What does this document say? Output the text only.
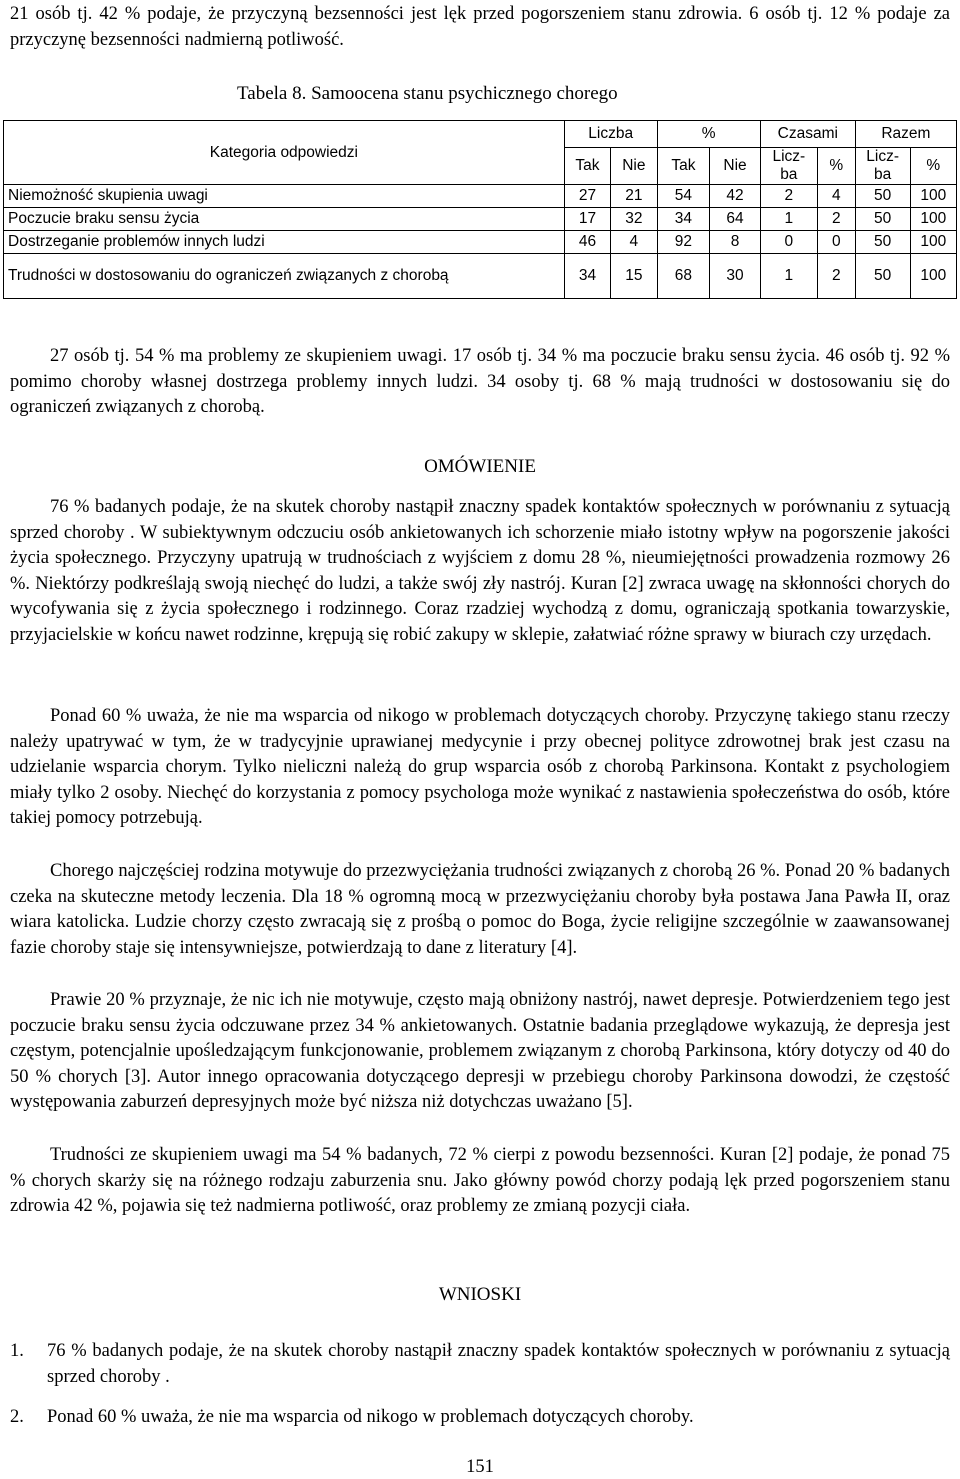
21 osób tj. 42 % podaje, że przyczyną bezsenności jest lęk przed pogorszeniem stanu zdrowia. 6 osób tj. 12 % podaje za przyczynę bezsenności nadmierną potliwość.

Tabela 8. Samoocena stanu psychicznego chorego
Kategoria odpowiedzi	Liczba		%		Czasami		Razem	
	Tak	Nie	Tak	Nie	Licz-ba	%	Licz-ba	%
Niemożność skupienia uwagi	27	21	54	42	2	4	50	100
Poczucie braku sensu życia	17	32	34	64	1	2	50	100
Dostrzeganie problemów innych ludzi	46	4	92	8	0	0	50	100
Trudności w dostosowaniu do ograniczeń związanych z chorobą	34	15	68	30	1	2	50	100

27 osób tj. 54 % ma problemy ze skupieniem uwagi. 17 osób tj. 34 % ma poczucie braku sensu życia. 46 osób tj. 92 % pomimo choroby własnej dostrzega problemy innych ludzi. 34 osoby tj. 68 % mają trudności w dostosowaniu się do ograniczeń związanych z chorobą.

OMÓWIENIE

76 % badanych podaje, że na skutek choroby nastąpił znaczny spadek kontaktów społecznych w porównaniu z sytuacją sprzed choroby . W subiektywnym odczuciu osób ankietowanych ich schorzenie miało istotny wpływ na pogorszenie jakości życia społecznego. Przyczyny upatrują w trudnościach z wyjściem z domu 28 %, nieumiejętności prowadzenia rozmowy 26 %. Niektórzy podkreślają swoją niechęć do ludzi, a także swój zły nastrój. Kuran [2] zwraca uwagę na skłonności chorych do wycofywania się z życia społecznego i rodzinnego. Coraz rzadziej wychodzą z domu, ograniczają spotkania towarzyskie, przyjacielskie w końcu nawet rodzinne, krępują się robić zakupy w sklepie, załatwiać różne sprawy w biurach czy urzędach.

Ponad 60 % uważa, że nie ma wsparcia od nikogo w problemach dotyczących choroby. Przyczynę takiego stanu rzeczy należy upatrywać w tym, że w tradycyjnie uprawianej medycynie i przy obecnej polityce zdrowotnej brak jest czasu na udzielanie wsparcia chorym. Tylko nieliczni należą do grup wsparcia osób z chorobą Parkinsona. Kontakt z psychologiem miały tylko 2 osoby. Niechęć do korzystania z pomocy psychologa może wynikać z nastawienia społeczeństwa do osób, które takiej pomocy potrzebują.

Chorego najczęściej rodzina motywuje do przezwyciężania trudności związanych z chorobą 26 %. Ponad 20 % badanych czeka na skuteczne metody leczenia. Dla 18 % ogromną mocą w przezwyciężaniu choroby była postawa Jana Pawła II, oraz wiara katolicka. Ludzie chorzy często zwracają się z prośbą o pomoc do Boga, życie religijne szczególnie w zaawansowanej fazie choroby staje się intensywniejsze, potwierdzają to dane z literatury [4].

Prawie 20 % przyznaje, że nic ich nie motywuje, często mają obniżony nastrój, nawet depresje. Potwierdzeniem tego jest poczucie braku sensu życia odczuwane przez 34 % ankietowanych. Ostatnie badania przeglądowe wykazują, że depresja jest częstym, potencjalnie upośledzającym funkcjonowanie, problemem związanym z chorobą Parkinsona, który dotyczy od 40 do 50 % chorych [3]. Autor innego opracowania dotyczącego depresji w przebiegu choroby Parkinsona dowodzi, że częstość występowania zaburzeń depresyjnych może być niższa niż dotychczas uważano [5].

Trudności ze skupieniem uwagi ma 54 % badanych, 72 % cierpi z powodu bezsenności. Kuran [2] podaje, że ponad 75 % chorych skarży się na różnego rodzaju zaburzenia snu. Jako główny powód chorzy podają lęk przed pogorszeniem stanu zdrowia 42 %, pojawia się też nadmierna potliwość, oraz problemy ze zmianą pozycji ciała.

WNIOSKI
1.	76 % badanych podaje, że na skutek choroby nastąpił znaczny spadek kontaktów społecznych w porównaniu z sytuacją sprzed choroby .
2.	Ponad 60 % uważa, że nie ma wsparcia od nikogo w problemach dotyczących choroby.
151
